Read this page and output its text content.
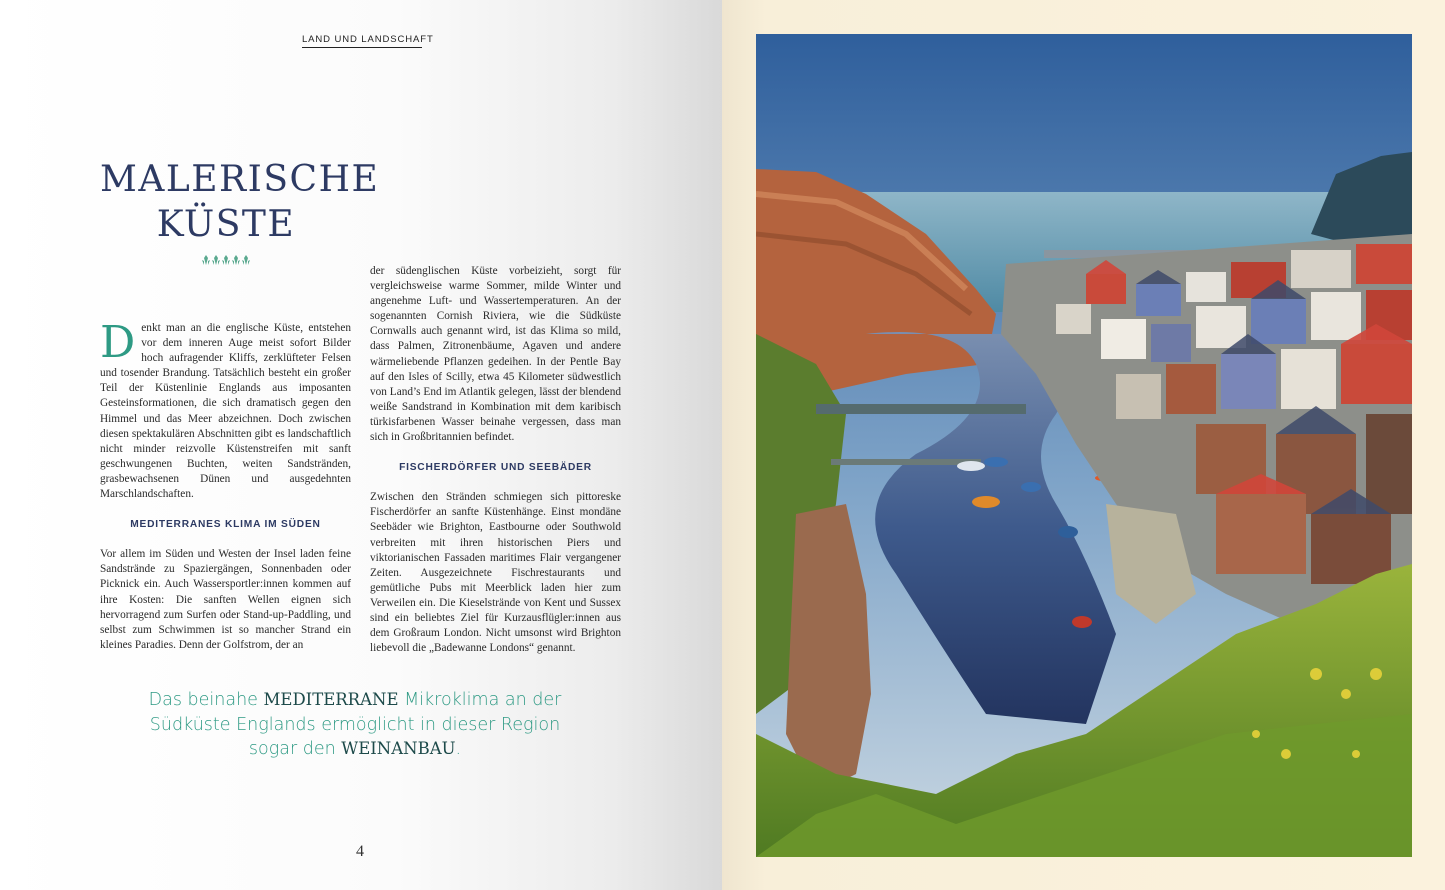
LAND UND LANDSCHAFT
MALERISCHE
KÜSTE

Denkt man an die englische Küste, entstehen vor dem inneren Auge meist sofort Bilder hoch aufragender Kliffs, zerklüfteter Felsen und tosender Brandung. Tatsächlich besteht ein großer Teil der Küstenlinie Englands aus imposanten Gesteinsformationen, die sich dramatisch gegen den Himmel und das Meer abzeichnen. Doch zwischen diesen spektakulären Abschnitten gibt es landschaftlich nicht minder reizvolle Küstenstreifen mit sanft geschwungenen Buchten, weiten Sandstränden, grasbewachsenen Dünen und ausgedehnten Marschlandschaften.

MEDITERRANES KLIMA IM SÜDEN

Vor allem im Süden und Westen der Insel laden feine Sandstrände zu Spaziergängen, Sonnenbaden oder Picknick ein. Auch Wassersportler:innen kommen auf ihre Kosten: Die sanften Wellen eignen sich hervorragend zum Surfen oder Stand-up-Paddling, und selbst zum Schwimmen ist so mancher Strand ein kleines Paradies. Denn der Golfstrom, der an

der südenglischen Küste vorbeizieht, sorgt für vergleichsweise warme Sommer, milde Winter und angenehme Luft- und Wassertemperaturen. An der sogenannten Cornish Riviera, wie die Südküste Cornwalls auch genannt wird, ist das Klima so mild, dass Palmen, Zitronenbäume, Agaven und andere wärmeliebende Pflanzen gedeihen. In der Pentle Bay auf den Isles of Scilly, etwa 45 Kilometer südwestlich von Land’s End im Atlantik gelegen, lässt der blendend weiße Sandstrand in Kombination mit dem karibisch türkisfarbenen Wasser beinahe vergessen, dass man sich in Großbritannien befindet.

FISCHERDÖRFER UND SEEBÄDER

Zwischen den Stränden schmiegen sich pittoreske Fischerdörfer an sanfte Küstenhänge. Einst mondäne Seebäder wie Brighton, Eastbourne oder Southwold verbreiten mit ihren historischen Piers und viktorianischen Fassaden maritimes Flair vergangener Zeiten. Ausgezeichnete Fischrestaurants und gemütliche Pubs mit Meerblick laden hier zum Verweilen ein. Die Kieselstrände von Kent und Sussex sind ein beliebtes Ziel für Kurzausflügler:innen aus dem Großraum London. Nicht umsonst wird Brighton liebevoll die „Badewanne Londons“ genannt.

Das beinahe MEDITERRANE Mikroklima an der Südküste Englands ermöglicht in dieser Region sogar den WEINANBAU.
4
